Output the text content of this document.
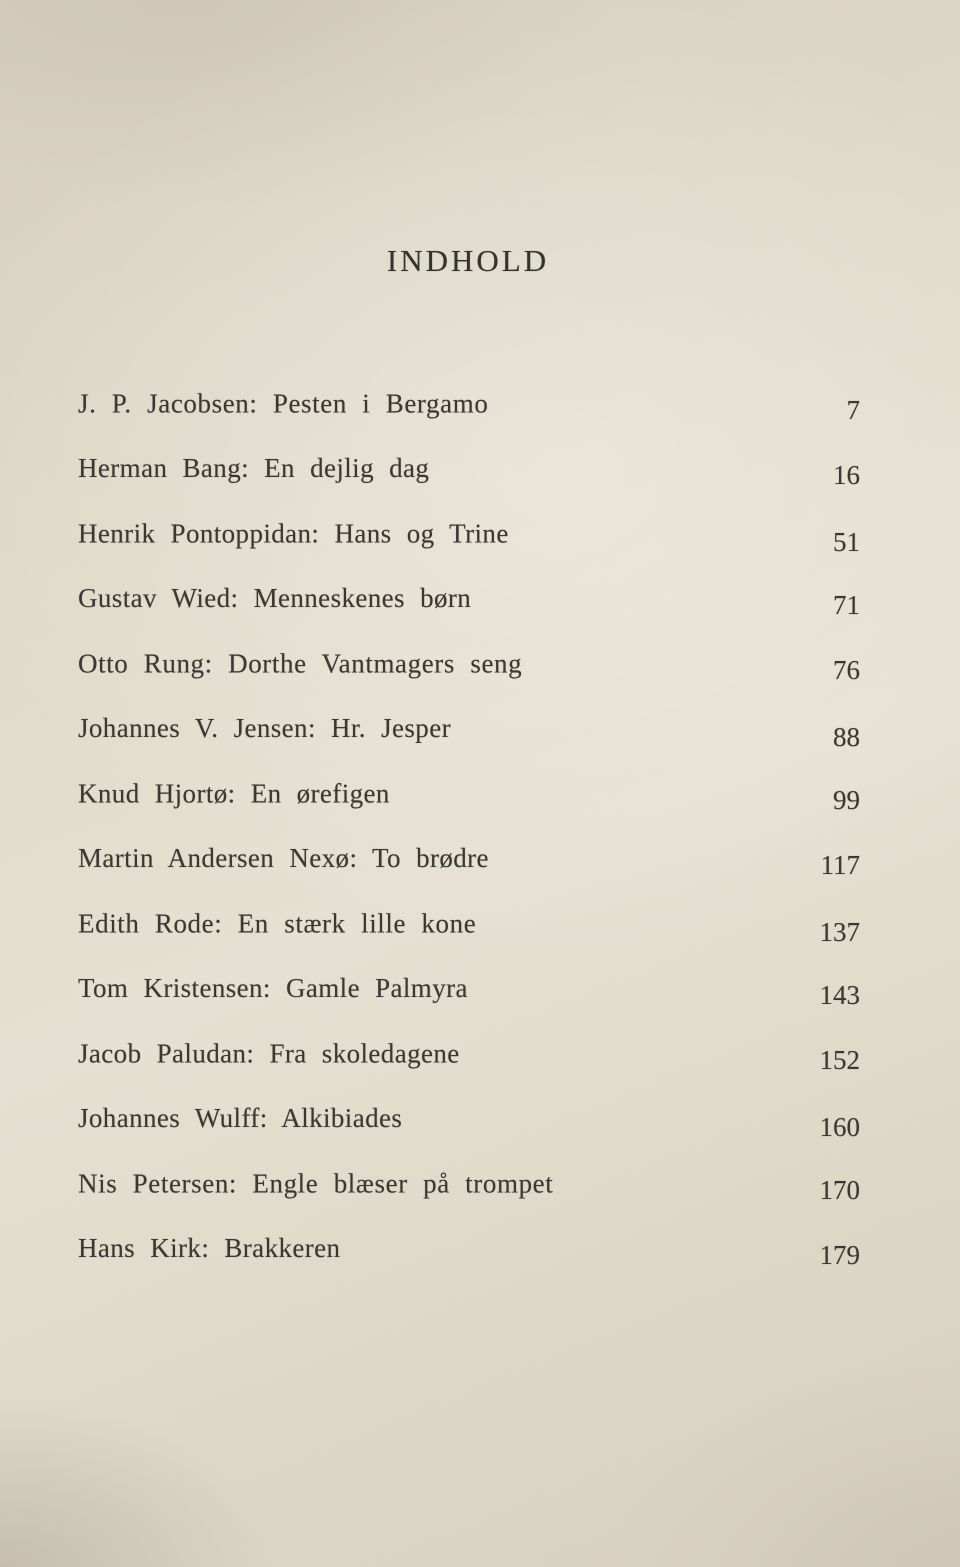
INDHOLD
J. P. Jacobsen: Pesten i Bergamo	7
Herman Bang: En dejlig dag	16
Henrik Pontoppidan: Hans og Trine	51
Gustav Wied: Menneskenes børn	71
Otto Rung: Dorthe Vantmagers seng	76
Johannes V. Jensen: Hr. Jesper	88
Knud Hjortø: En ørefigen	99
Martin Andersen Nexø: To brødre	117
Edith Rode: En stærk lille kone	137
Tom Kristensen: Gamle Palmyra	143
Jacob Paludan: Fra skoledagene	152
Johannes Wulff: Alkibiades	160
Nis Petersen: Engle blæser på trompet	170
Hans Kirk: Brakkeren	179
